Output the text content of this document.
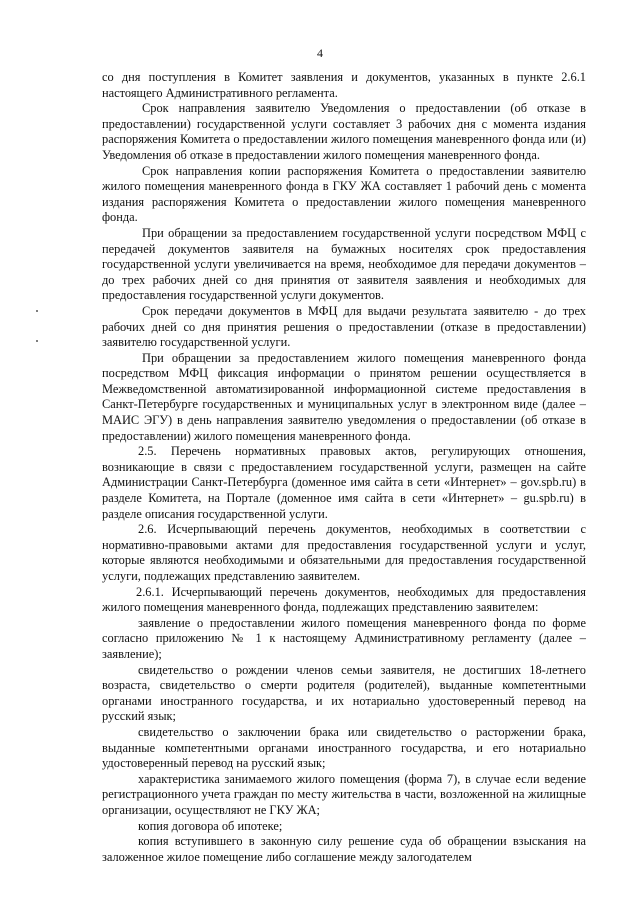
4

со дня поступления в Комитет заявления и документов, указанных в пункте 2.6.1 настоящего Административного регламента.

Срок направления заявителю Уведомления о предоставлении (об отказе в предоставлении) государственной услуги составляет 3 рабочих дня с момента издания распоряжения Комитета о предоставлении жилого помещения маневренного фонда или (и) Уведомления об отказе в предоставлении жилого помещения маневренного фонда.

Срок направления копии распоряжения Комитета о предоставлении заявителю жилого помещения маневренного фонда в ГКУ ЖА составляет 1 рабочий день с момента издания распоряжения Комитета о предоставлении жилого помещения маневренного фонда.

При обращении за предоставлением государственной услуги посредством МФЦ с передачей документов заявителя на бумажных носителях срок предоставления государственной услуги увеличивается на время, необходимое для передачи документов – до трех рабочих дней со дня принятия от заявителя заявления и необходимых для предоставления государственной услуги документов.

Срок передачи документов в МФЦ для выдачи результата заявителю - до трех рабочих дней со дня принятия решения о предоставлении (отказе в предоставлении) заявителю государственной услуги.

При обращении за предоставлением жилого помещения маневренного фонда посредством МФЦ фиксация информации о принятом решении осуществляется в Межведомственной автоматизированной информационной системе предоставления в Санкт-Петербурге государственных и муниципальных услуг в электронном виде (далее – МАИС ЭГУ) в день направления заявителю уведомления о предоставлении (об отказе в предоставлении) жилого помещения маневренного фонда.

2.5. Перечень нормативных правовых актов, регулирующих отношения, возникающие в связи с предоставлением государственной услуги, размещен на сайте Администрации Санкт-Петербурга (доменное имя сайта в сети «Интернет» – gov.spb.ru) в разделе Комитета, на Портале (доменное имя сайта в сети «Интернет» – gu.spb.ru) в разделе описания государственной услуги.

2.6. Исчерпывающий перечень документов, необходимых в соответствии с нормативно-правовыми актами для предоставления государственной услуги и услуг, которые являются необходимыми и обязательными для предоставления государственной услуги, подлежащих представлению заявителем.

2.6.1. Исчерпывающий перечень документов, необходимых для предоставления жилого помещения маневренного фонда, подлежащих представлению заявителем:

заявление о предоставлении жилого помещения маневренного фонда по форме согласно приложению № 1 к настоящему Административному регламенту (далее – заявление);

свидетельство о рождении членов семьи заявителя, не достигших 18-летнего возраста, свидетельство о смерти родителя (родителей), выданные компетентными органами иностранного государства, и их нотариально удостоверенный перевод на русский язык;

свидетельство о заключении брака или свидетельство о расторжении брака, выданные компетентными органами иностранного государства, и его нотариально удостоверенный перевод на русский язык;

характеристика занимаемого жилого помещения (форма 7), в случае если ведение регистрационного учета граждан по месту жительства в части, возложенной на жилищные организации, осуществляют не ГКУ ЖА;

копия договора об ипотеке;

копия вступившего в законную силу решение суда об обращении взыскания на заложенное жилое помещение либо соглашение между залогодателем
